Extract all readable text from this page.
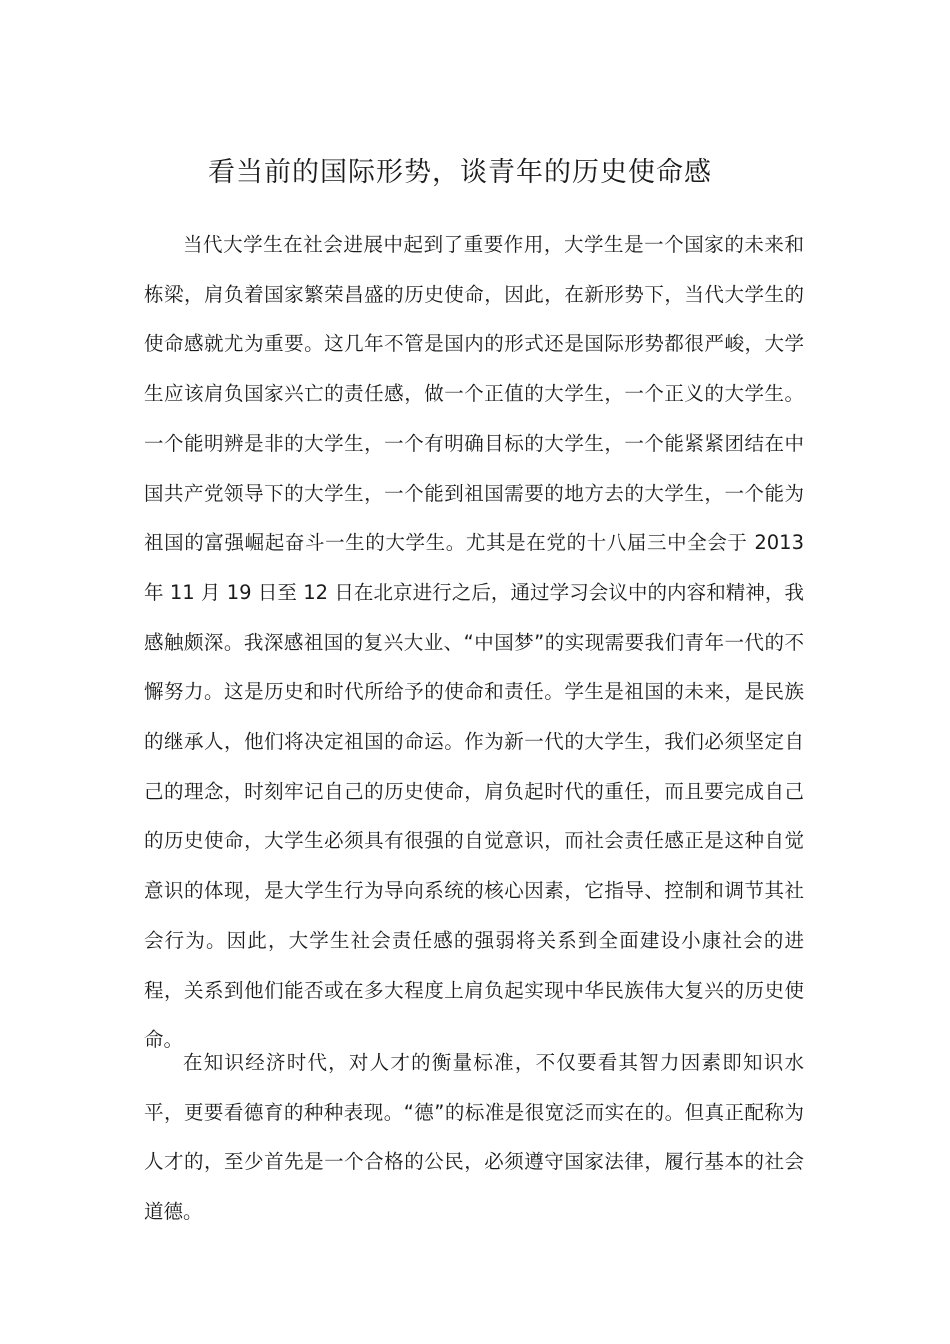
看当前的国际形势，谈青年的历史使命感

当代大学生在社会进展中起到了重要作用，大学生是一个国家的未来和栋梁，肩负着国家繁荣昌盛的历史使命，因此，在新形势下，当代大学生的使命感就尤为重要。这几年不管是国内的形式还是国际形势都很严峻，大学生应该肩负国家兴亡的责任感，做一个正值的大学生，一个正义的大学生。一个能明辨是非的大学生，一个有明确目标的大学生，一个能紧紧团结在中国共产党领导下的大学生，一个能到祖国需要的地方去的大学生，一个能为祖国的富强崛起奋斗一生的大学生。尤其是在党的十八届三中全会于 2013 年 11 月 19 日至 12 日在北京进行之后，通过学习会议中的内容和精神，我感触颇深。我深感祖国的复兴大业、“中国梦”的实现需要我们青年一代的不懈努力。这是历史和时代所给予的使命和责任。学生是祖国的未来，是民族的继承人，他们将决定祖国的命运。作为新一代的大学生，我们必须坚定自己的理念，时刻牢记自己的历史使命，肩负起时代的重任，而且要完成自己的历史使命，大学生必须具有很强的自觉意识，而社会责任感正是这种自觉意识的体现，是大学生行为导向系统的核心因素，它指导、控制和调节其社会行为。因此，大学生社会责任感的强弱将关系到全面建设小康社会的进程，关系到他们能否或在多大程度上肩负起实现中华民族伟大复兴的历史使命。

在知识经济时代，对人才的衡量标准，不仅要看其智力因素即知识水平，更要看德育的种种表现。“德”的标准是很宽泛而实在的。但真正配称为人才的，至少首先是一个合格的公民，必须遵守国家法律，履行基本的社会道德。
